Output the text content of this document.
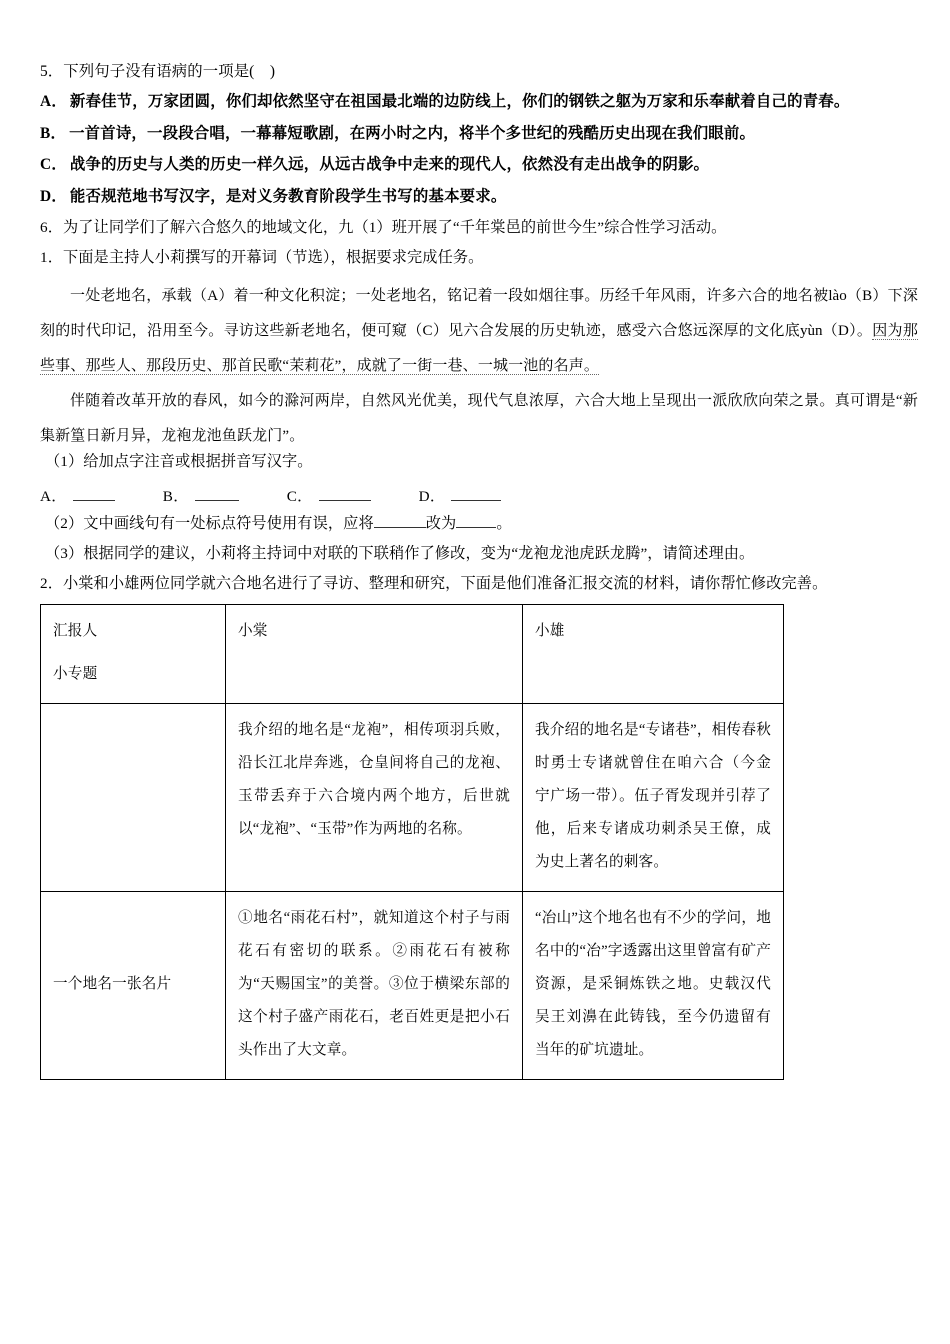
5．下列句子没有语病的一项是(　)
A． 新春佳节，万家团圆，你们却依然坚守在祖国最北端的边防线上，你们的钢铁之躯为万家和乐奉献着自己的青春。
B． 一首首诗，一段段合唱，一幕幕短歌剧，在两小时之内，将半个多世纪的残酷历史出现在我们眼前。
C． 战争的历史与人类的历史一样久远，从远古战争中走来的现代人，依然没有走出战争的阴影。
D． 能否规范地书写汉字，是对义务教育阶段学生书写的基本要求。
6．为了让同学们了解六合悠久的地域文化，九（1）班开展了“千年棠邑的前世今生”综合性学习活动。
1．下面是主持人小莉撰写的开幕词（节选），根据要求完成任务。

一处老地名，承载（A）着一种文化积淀；一处老地名，铭记着一段如烟往事。历经千年风雨，许多六合的地名被lào（B）下深刻的时代印记，沿用至今。寻访这些新老地名，便可窥（C）见六合发展的历史轨迹，感受六合悠远深厚的文化底yùn（D）。因为那些事、那些人、那段历史、那首民歌“茉莉花”，成就了一街一巷、一城一池的名声。

伴随着改革开放的春风，如今的滁河两岸，自然风光优美，现代气息浓厚，六合大地上呈现出一派欣欣向荣之景。真可谓是“新集新篁日新月异，龙袍龙池鱼跃龙门”。

（1）给加点字注音或根据拼音写汉字。
A．	B．	C．	D．
（2）文中画线句有一处标点符号使用有误，应将	改为	。
（3）根据同学的建议，小莉将主持词中对联的下联稍作了修改，变为“龙袍龙池虎跃龙腾”，请简述理由。
2．小棠和小雄两位同学就六合地名进行了寻访、整理和研究，下面是他们准备汇报交流的材料，请你帮忙修改完善。
汇报人
小专题	小棠	小雄
	我介绍的地名是“龙袍”，相传项羽兵败，沿长江北岸奔逃，仓皇间将自己的龙袍、玉带丢弃于六合境内两个地方，后世就以“龙袍”、“玉带”作为两地的名称。	我介绍的地名是“专诸巷”，相传春秋时勇士专诸就曾住在咱六合（今金宁广场一带）。伍子胥发现并引荐了他，后来专诸成功刺杀吴王僚，成为史上著名的刺客。
一个地名一张名片	①地名“雨花石村”，就知道这个村子与雨花石有密切的联系。②雨花石有被称为“天赐国宝”的美誉。③位于横梁东部的这个村子盛产雨花石，老百姓更是把小石头作出了大文章。	“冶山”这个地名也有不少的学问，地名中的“冶”字透露出这里曾富有矿产资源，是采铜炼铁之地。史载汉代吴王刘濞在此铸钱，至今仍遗留有当年的矿坑遗址。
